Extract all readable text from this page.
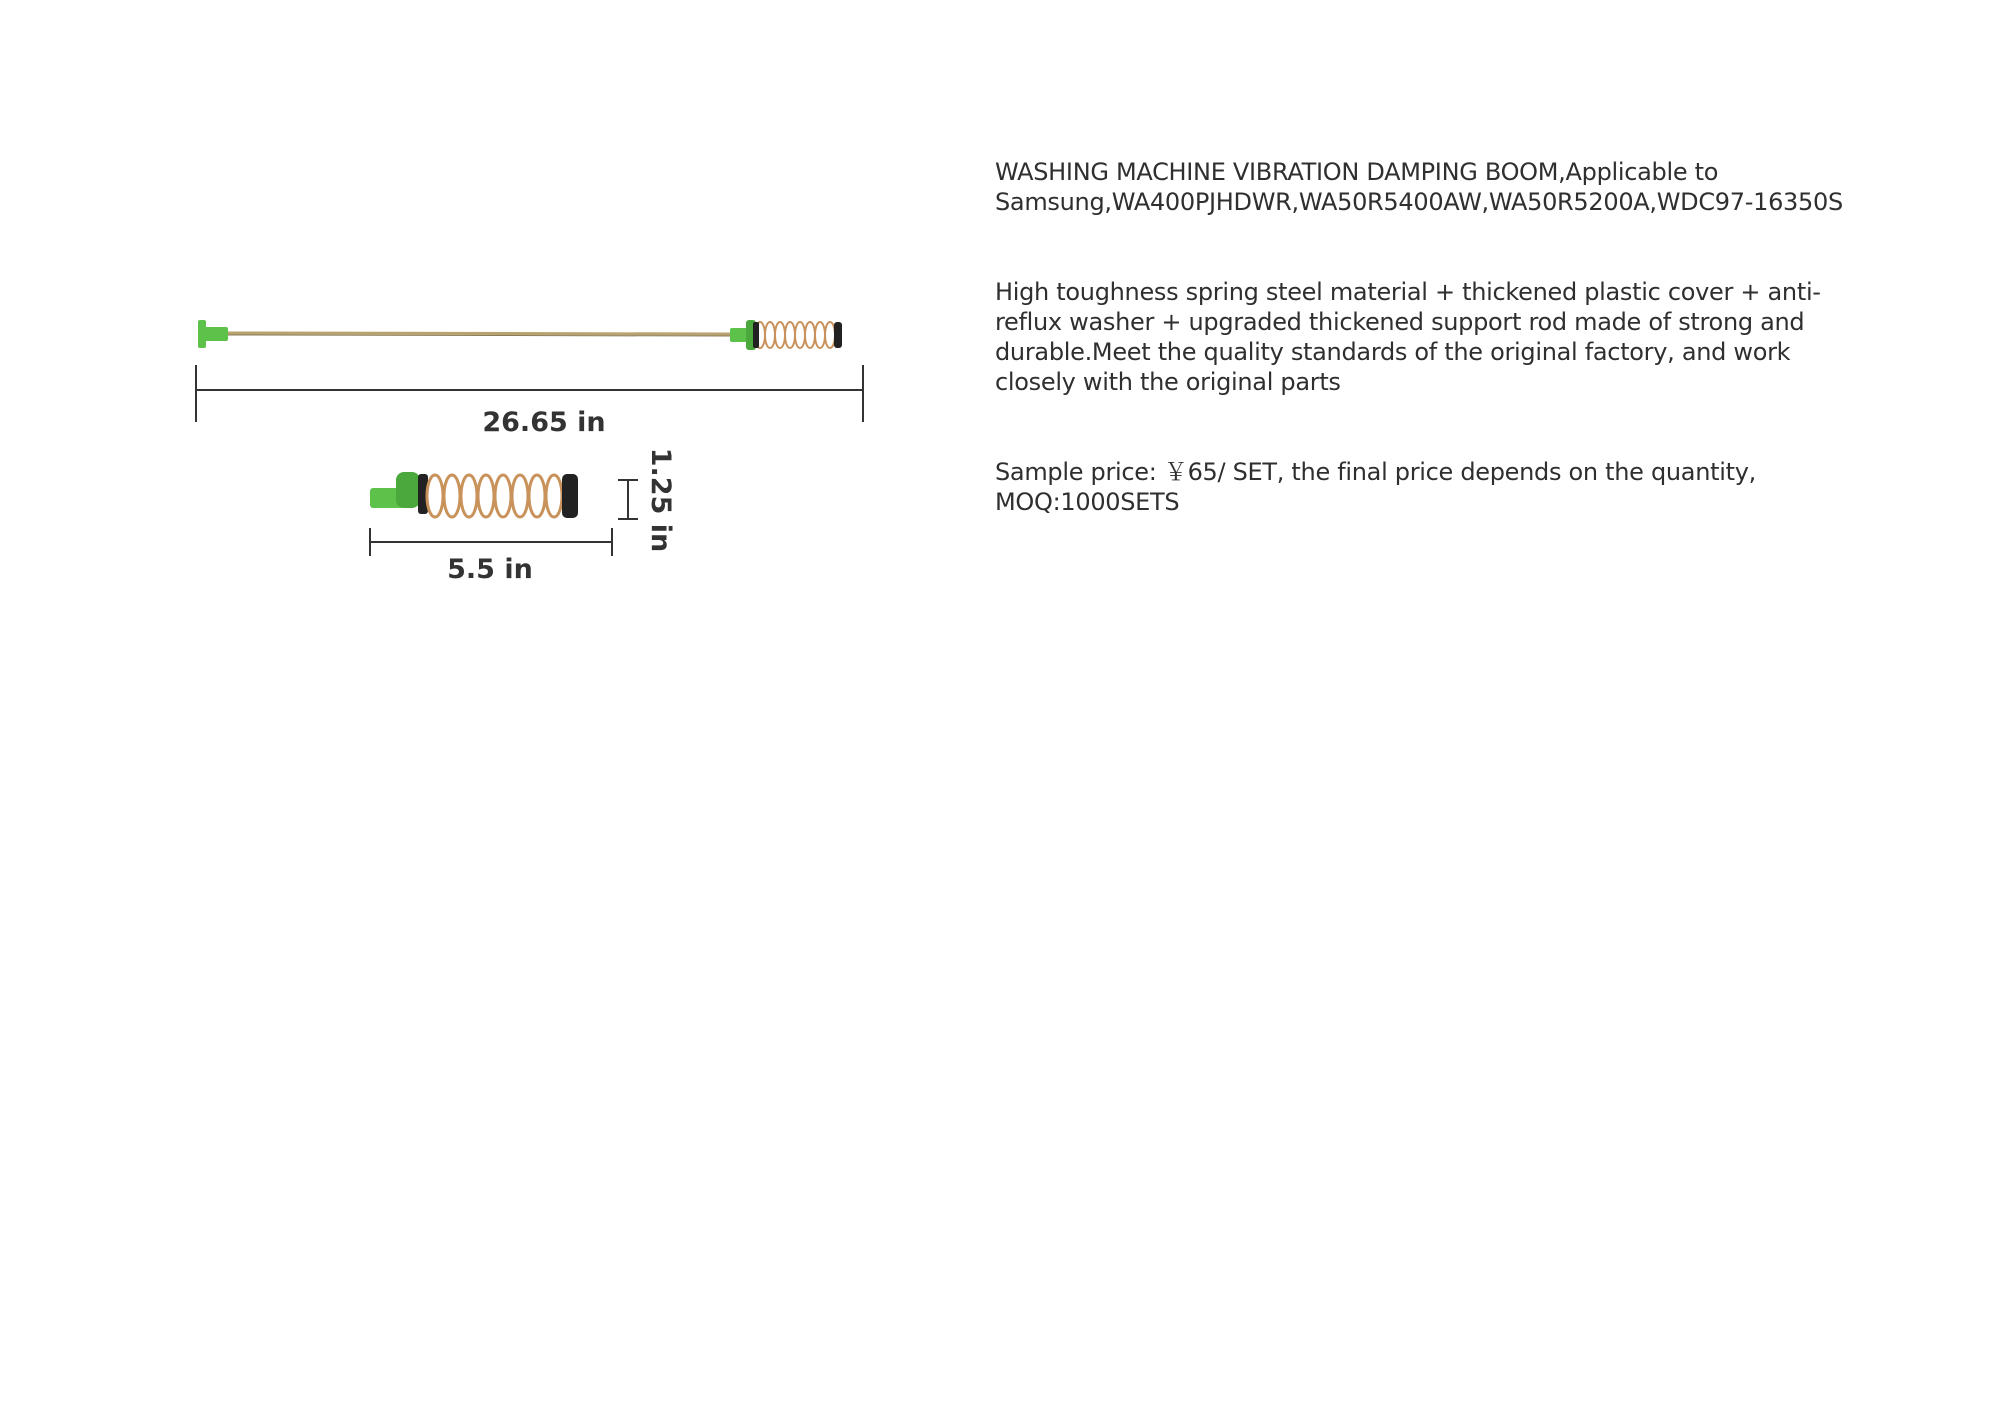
26.65 in
5.5 in
1.25 in
WASHING MACHINE VIBRATION DAMPING BOOM,Applicable to
Samsung,WA400PJHDWR,WA50R5400AW,WA50R5200A,WDC97-16350S
High toughness spring steel material + thickened plastic cover + anti-reflux washer + upgraded thickened support rod made of strong and durable.Meet the quality standards of the original factory, and work closely with the original parts
Sample price: ￥65/ SET, the final price depends on the quantity,
MOQ:1000SETS
